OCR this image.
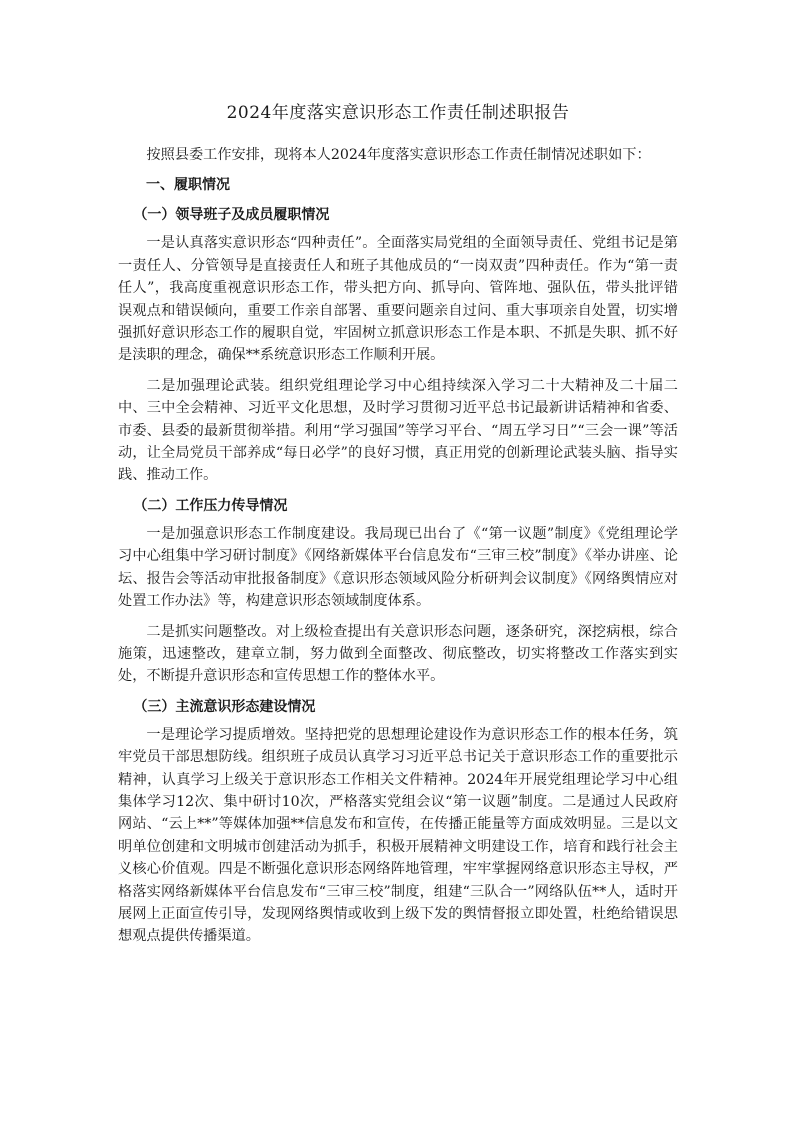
2024年度落实意识形态工作责任制述职报告

按照县委工作安排，现将本人2024年度落实意识形态工作责任制情况述职如下：

一、履职情况
（一）领导班子及成员履职情况

一是认真落实意识形态“四种责任”。全面落实局党组的全面领导责任、党组书记是第一责任人、分管领导是直接责任人和班子其他成员的“一岗双责”四种责任。作为“第一责任人”，我高度重视意识形态工作，带头把方向、抓导向、管阵地、强队伍，带头批评错误观点和错误倾向，重要工作亲自部署、重要问题亲自过问、重大事项亲自处置，切实增强抓好意识形态工作的履职自觉，牢固树立抓意识形态工作是本职、不抓是失职、抓不好是渎职的理念，确保**系统意识形态工作顺利开展。

二是加强理论武装。组织党组理论学习中心组持续深入学习二十大精神及二十届二中、三中全会精神、习近平文化思想，及时学习贯彻习近平总书记最新讲话精神和省委、市委、县委的最新贯彻举措。利用“学习强国”等学习平台、“周五学习日”“三会一课”等活动，让全局党员干部养成“每日必学”的良好习惯，真正用党的创新理论武装头脑、指导实践、推动工作。

（二）工作压力传导情况

一是加强意识形态工作制度建设。我局现已出台了《“第一议题”制度》《党组理论学习中心组集中学习研讨制度》《网络新媒体平台信息发布“三审三校”制度》《举办讲座、论坛、报告会等活动审批报备制度》《意识形态领域风险分析研判会议制度》《网络舆情应对处置工作办法》等，构建意识形态领域制度体系。

二是抓实问题整改。对上级检查提出有关意识形态问题，逐条研究，深挖病根，综合施策，迅速整改，建章立制，努力做到全面整改、彻底整改，切实将整改工作落实到实处，不断提升意识形态和宣传思想工作的整体水平。

（三）主流意识形态建设情况

一是理论学习提质增效。坚持把党的思想理论建设作为意识形态工作的根本任务，筑牢党员干部思想防线。组织班子成员认真学习习近平总书记关于意识形态工作的重要批示精神，认真学习上级关于意识形态工作相关文件精神。2024年开展党组理论学习中心组集体学习12次、集中研讨10次，严格落实党组会议“第一议题”制度。二是通过人民政府网站、“云上**”等媒体加强**信息发布和宣传，在传播正能量等方面成效明显。三是以文明单位创建和文明城市创建活动为抓手，积极开展精神文明建设工作，培育和践行社会主义核心价值观。四是不断强化意识形态网络阵地管理，牢牢掌握网络意识形态主导权，严格落实网络新媒体平台信息发布“三审三校”制度，组建“三队合一”网络队伍**人，适时开展网上正面宣传引导，发现网络舆情或收到上级下发的舆情督报立即处置，杜绝给错误思想观点提供传播渠道。
